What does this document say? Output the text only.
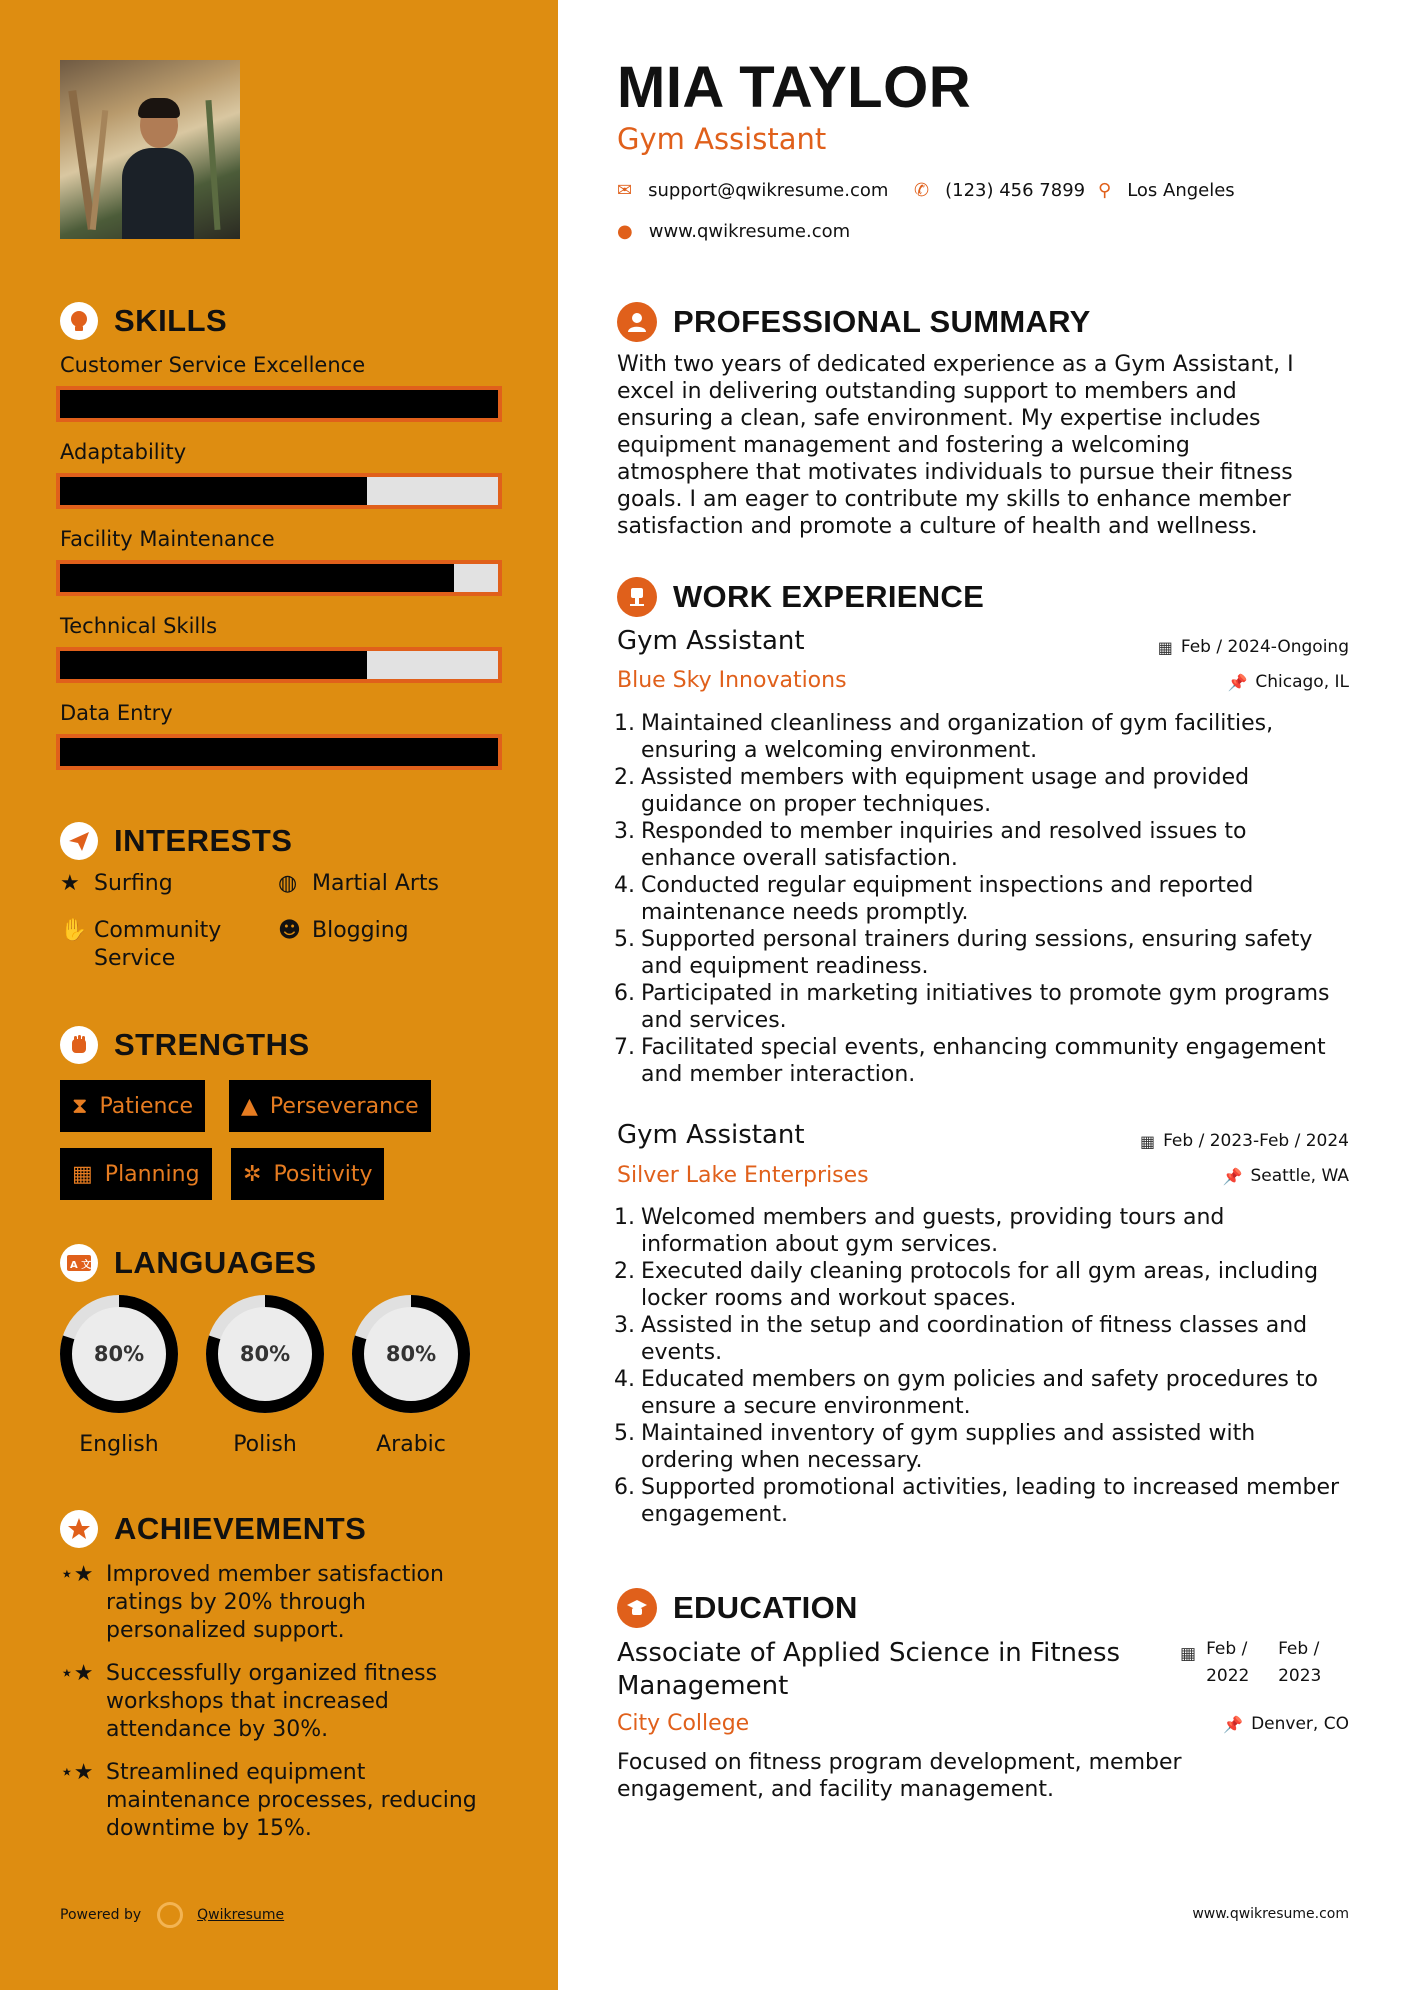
SKILLS
Customer Service Excellence
Adaptability
Facility Maintenance
Technical Skills
Data Entry
INTERESTS
★ Surfing	◍ Martial Arts
✋ Community Service
☻ Blogging
STRENGTHS
⧗ Patience ▲ Perseverance
▦ Planning ✲ Positivity
A 文 LANGUAGES
80%
English
80%
Polish
80%
Arabic
ACHIEVEMENTS
⋆★ Improved member satisfaction ratings by 20% through personalized support.
⋆★ Successfully organized fitness workshops that increased attendance by 30%.
⋆★ Streamlined equipment maintenance processes, reducing downtime by 15%.
Powered by	Qwikresume
MIA TAYLOR
Gym Assistant
✉ support@qwikresume.com ✆ (123) 456 7899 ⚲ Los Angeles
● www.qwikresume.com
PROFESSIONAL SUMMARY
With two years of dedicated experience as a Gym Assistant, I excel in delivering outstanding support to members and ensuring a clean, safe environment. My expertise includes equipment management and fostering a welcoming atmosphere that motivates individuals to pursue their fitness goals. I am eager to contribute my skills to enhance member satisfaction and promote a culture of health and wellness.
WORK EXPERIENCE
Gym Assistant	▦ Feb / 2024-Ongoing
Blue Sky Innovations	📌 Chicago, IL
1. Maintained cleanliness and organization of gym facilities, ensuring a welcoming environment.
2. Assisted members with equipment usage and provided guidance on proper techniques.
3. Responded to member inquiries and resolved issues to enhance overall satisfaction.
4. Conducted regular equipment inspections and reported maintenance needs promptly.
5. Supported personal trainers during sessions, ensuring safety and equipment readiness.
6. Participated in marketing initiatives to promote gym programs and services.
7. Facilitated special events, enhancing community engagement and member interaction.
Gym Assistant	▦ Feb / 2023-Feb / 2024
Silver Lake Enterprises	📌 Seattle, WA
1. Welcomed members and guests, providing tours and information about gym services.
2. Executed daily cleaning protocols for all gym areas, including locker rooms and workout spaces.
3. Assisted in the setup and coordination of fitness classes and events.
4. Educated members on gym policies and safety procedures to ensure a secure environment.
5. Maintained inventory of gym supplies and assisted with ordering when necessary.
6. Supported promotional activities, leading to increased member engagement.
EDUCATION
Associate of Applied Science in Fitness Management
▦ Feb / 2022
Feb / 2023
City College	📌 Denver, CO
Focused on fitness program development, member engagement, and facility management.
www.qwikresume.com
